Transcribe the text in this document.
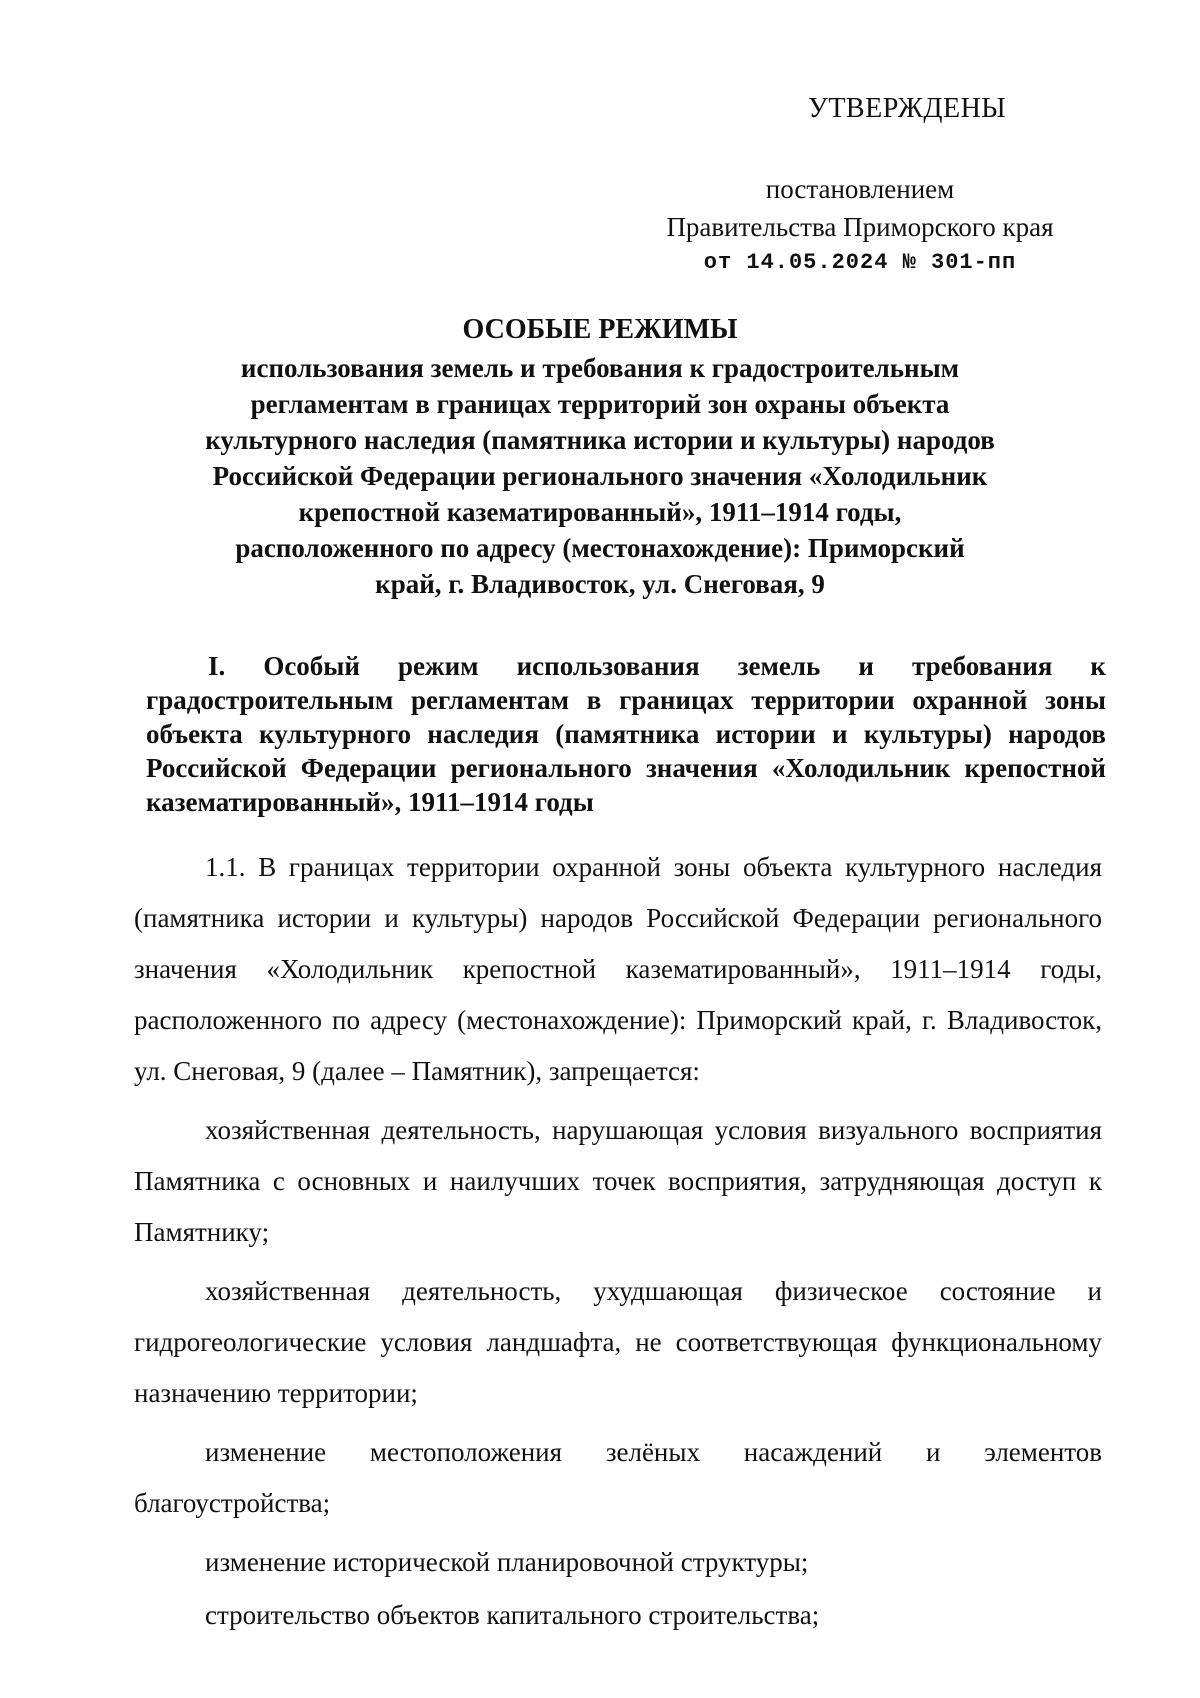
УТВЕРЖДЕНЫ
постановлением
Правительства Приморского края
от 14.05.2024 № 301-пп
ОСОБЫЕ РЕЖИМЫ
использования земель и требования к градостроительным регламентам в границах территорий зон охраны объекта культурного наследия (памятника истории и культуры) народов Российской Федерации регионального значения «Холодильник крепостной казематированный», 1911–1914 годы, расположенного по адресу (местонахождение): Приморский край, г. Владивосток, ул. Снеговая, 9
I. Особый режим использования земель и требования к градостроительным регламентам в границах территории охранной зоны объекта культурного наследия (памятника истории и культуры) народов Российской Федерации регионального значения «Холодильник крепостной казематированный», 1911–1914 годы

1.1. В границах территории охранной зоны объекта культурного наследия (памятника истории и культуры) народов Российской Федерации регионального значения «Холодильник крепостной казематированный», 1911–1914 годы, расположенного по адресу (местонахождение): Приморский край, г. Владивосток, ул. Снеговая, 9 (далее – Памятник), запрещается:

хозяйственная деятельность, нарушающая условия визуального восприятия Памятника с основных и наилучших точек восприятия, затрудняющая доступ к Памятнику;

хозяйственная деятельность, ухудшающая физическое состояние и гидрогеологические условия ландшафта, не соответствующая функциональному назначению территории;

изменение местоположения зелёных насаждений и элементов благоустройства;

изменение исторической планировочной структуры;

строительство объектов капитального строительства;
